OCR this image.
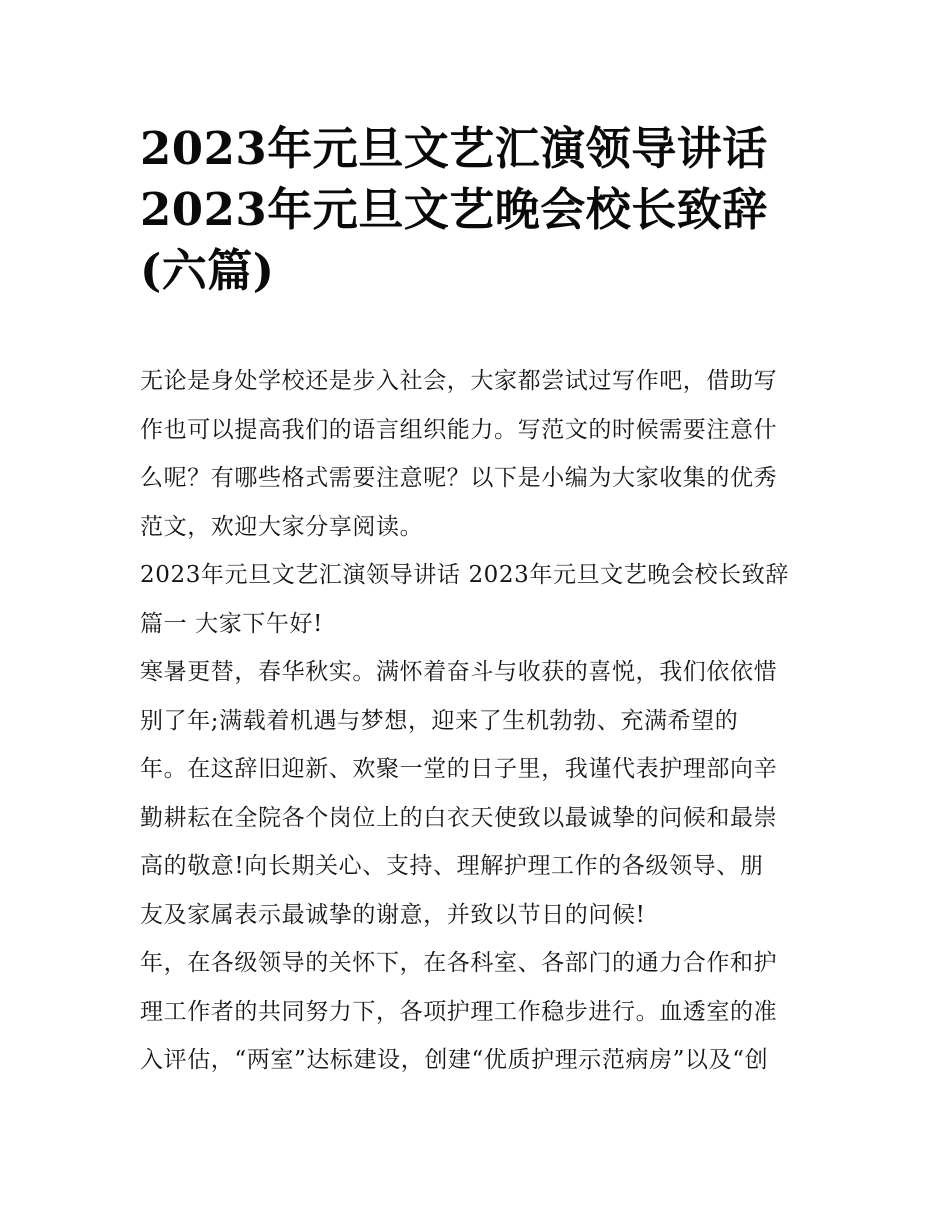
2023年元旦文艺汇演领导讲话
2023年元旦文艺晚会校长致辞
(六篇)
无论是身处学校还是步入社会，大家都尝试过写作吧，借助写
作也可以提高我们的语言组织能力。写范文的时候需要注意什
么呢？有哪些格式需要注意呢？以下是小编为大家收集的优秀
范文，欢迎大家分享阅读。
2023年元旦文艺汇演领导讲话 2023年元旦文艺晚会校长致辞
篇一 大家下午好!
寒暑更替，春华秋实。满怀着奋斗与收获的喜悦，我们依依惜
别了年;满载着机遇与梦想，迎来了生机勃勃、充满希望的
年。在这辞旧迎新、欢聚一堂的日子里，我谨代表护理部向辛
勤耕耘在全院各个岗位上的白衣天使致以最诚挚的问候和最崇
高的敬意!向长期关心、支持、理解护理工作的各级领导、朋
友及家属表示最诚挚的谢意，并致以节日的问候!
年，在各级领导的关怀下，在各科室、各部门的通力合作和护
理工作者的共同努力下，各项护理工作稳步进行。血透室的准
入评估，“两室”达标建设，创建“优质护理示范病房”以及“创
